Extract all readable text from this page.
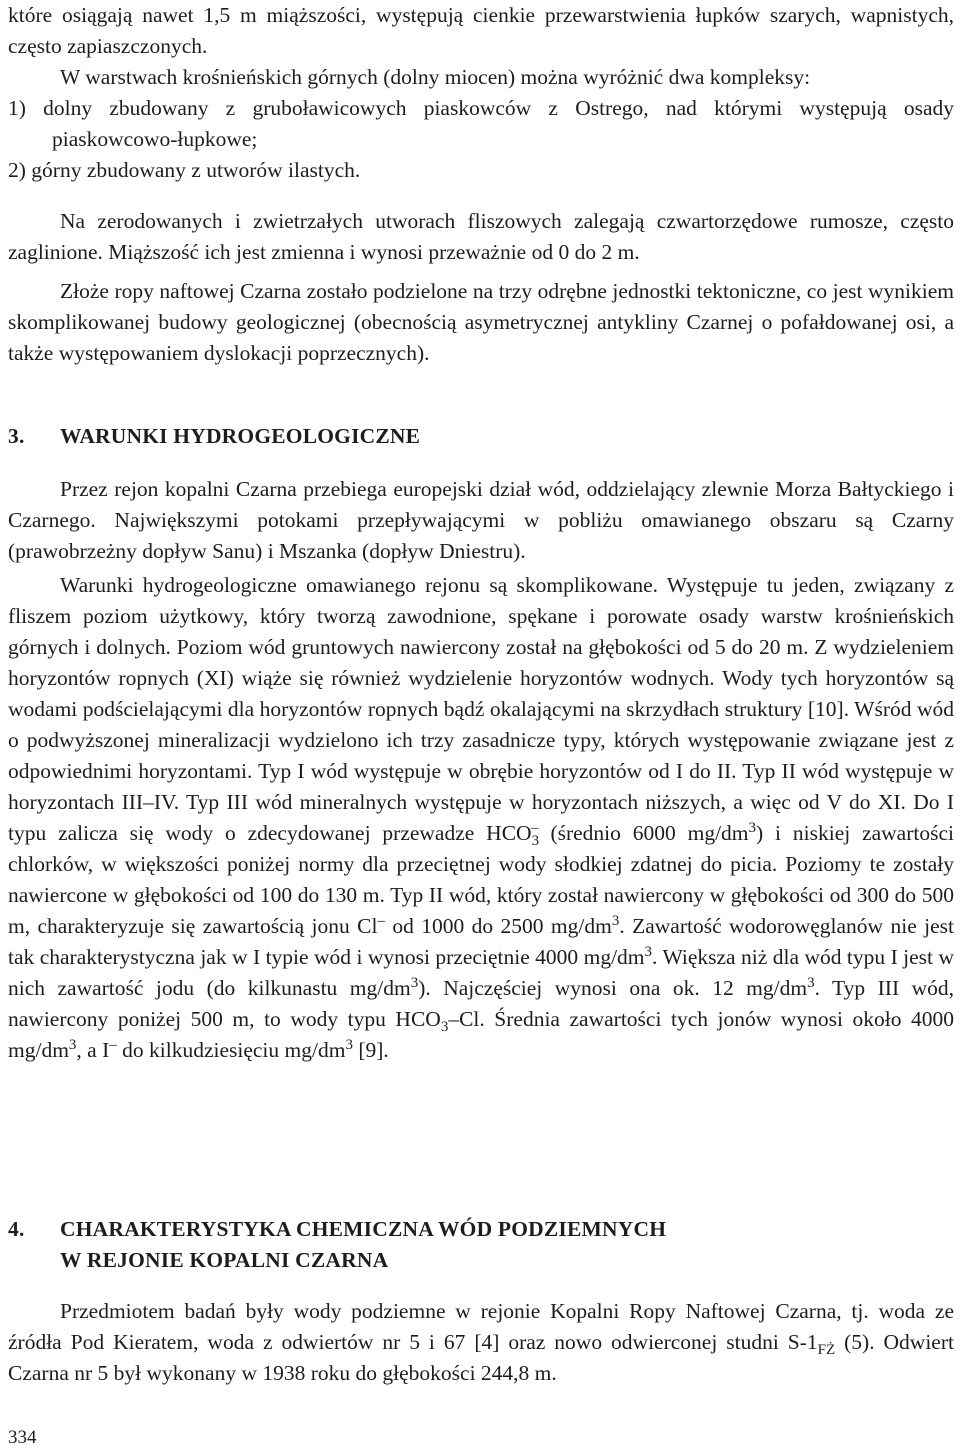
które osiągają nawet 1,5 m miąższości, występują cienkie przewarstwienia łupków szarych, wapnistych, często zapiaszczonych.

W warstwach krośnieńskich górnych (dolny miocen) można wyróżnić dwa kompleksy:

1) dolny zbudowany z gruboławicowych piaskowców z Ostrego, nad którymi występują osady piaskowcowo-łupkowe;

2) górny zbudowany z utworów ilastych.

Na zerodowanych i zwietrzałych utworach fliszowych zalegają czwartorzędowe rumosze, często zaglinione. Miąższość ich jest zmienna i wynosi przeważnie od 0 do 2 m.

Złoże ropy naftowej Czarna zostało podzielone na trzy odrębne jednostki tektoniczne, co jest wynikiem skomplikowanej budowy geologicznej (obecnością asymetrycznej antykliny Czarnej o pofałdowanej osi, a także występowaniem dyslokacji poprzecznych).

3.	WARUNKI HYDROGEOLOGICZNE

Przez rejon kopalni Czarna przebiega europejski dział wód, oddzielający zlewnie Morza Bałtyckiego i Czarnego. Największymi potokami przepływającymi w pobliżu omawianego obszaru są Czarny (prawobrzeżny dopływ Sanu) i Mszanka (dopływ Dniestru).

Warunki hydrogeologiczne omawianego rejonu są skomplikowane. Występuje tu jeden, związany z fliszem poziom użytkowy, który tworzą zawodnione, spękane i porowate osady warstw krośnieńskich górnych i dolnych. Poziom wód gruntowych nawiercony został na głębokości od 5 do 20 m. Z wydzieleniem horyzontów ropnych (XI) wiąże się również wydzielenie horyzontów wodnych. Wody tych horyzontów są wodami podścielającymi dla horyzontów ropnych bądź okalającymi na skrzydłach struktury [10]. Wśród wód o podwyższonej mineralizacji wydzielono ich trzy zasadnicze typy, których występowanie związane jest z odpowiednimi horyzontami. Typ I wód występuje w obrębie horyzontów od I do II. Typ II wód występuje w horyzontach III–IV. Typ III wód mineralnych występuje w horyzontach niższych, a więc od V do XI. Do I typu zalicza się wody o zdecydowanej przewadze $HCO_3^-$ (średnio 6000 $mg/dm^3$) i niskiej zawartości chlorków, w większości poniżej normy dla przeciętnej wody słodkiej zdatnej do picia. Poziomy te zostały nawiercone w głębokości od 100 do 130 m. Typ II wód, który został nawiercony w głębokości od 300 do 500 m, charakteryzuje się zawartością jonu Cl– od 1000 do 2500 $mg/dm^3$. Zawartość wodorowęglanów nie jest tak charakterystyczna jak w I typie wód i wynosi przeciętnie 4000 $mg/dm^3$. Większa niż dla wód typu I jest w nich zawartość jodu (do kilkunastu $mg/dm^3$). Najczęściej wynosi ona ok. 12 $mg/dm^3$. Typ III wód, nawiercony poniżej 500 m, to wody typu $HCO_3-Cl$. Średnia zawartości tych jonów wynosi około 4000 $mg/dm^3$, a I– do kilkudziesięciu $mg/dm^3$ [9].

4.	CHARAKTERYSTYKA CHEMICZNA WÓD PODZIEMNYCH
W REJONIE KOPALNI CZARNA

Przedmiotem badań były wody podziemne w rejonie Kopalni Ropy Naftowej Czarna, tj. woda ze źródła Pod Kieratem, woda z odwiertów nr 5 i 67 [4] oraz nowo odwierconej studni $S-1_{FŻ}$ (5). Odwiert Czarna nr 5 był wykonany w 1938 roku do głębokości 244,8 m.

334
